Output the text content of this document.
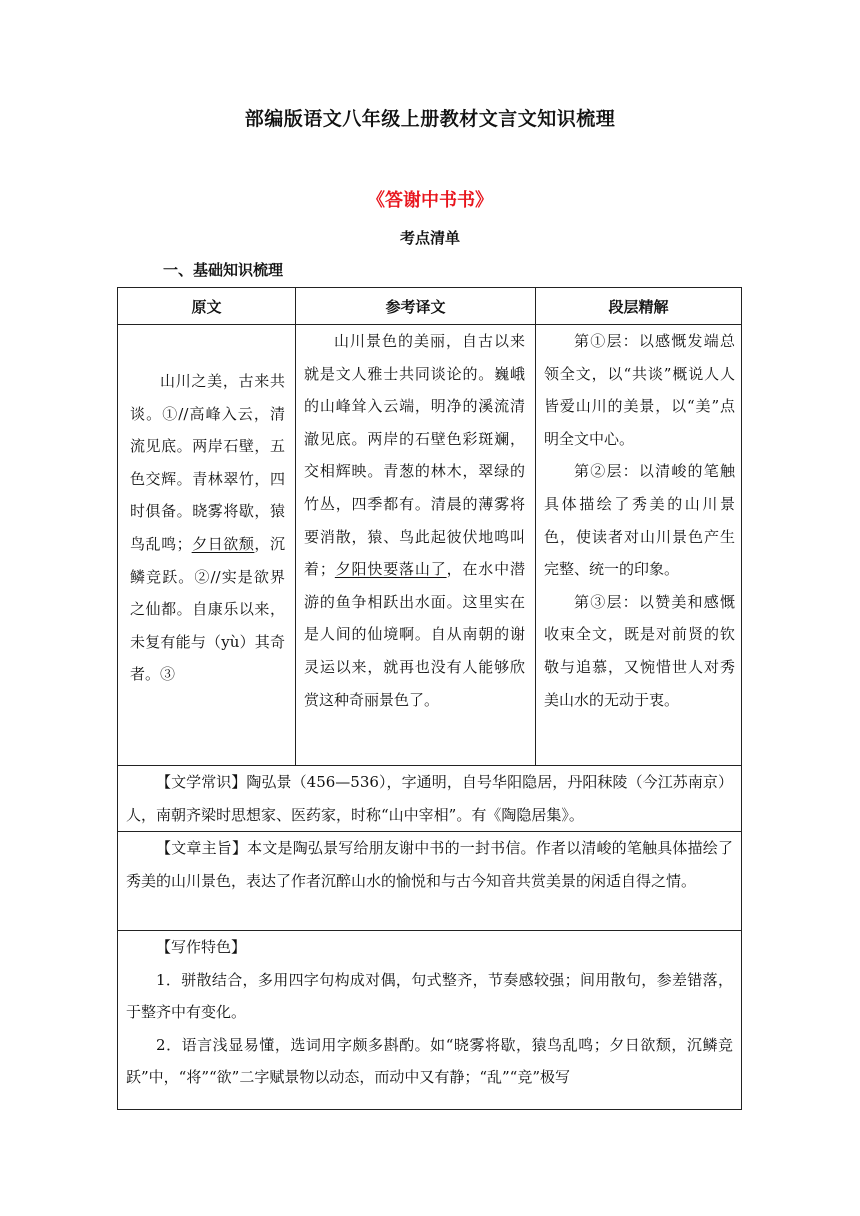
部编版语文八年级上册教材文言文知识梳理
《答谢中书书》
考点清单
一、基础知识梳理
原文	参考译文	段层精解

山川之美，古来共谈。①//高峰入云，清流见底。两岸石壁，五色交辉。青林翠竹，四时俱备。晓雾将歇，猿鸟乱鸣；夕日欲颓，沉鳞竞跃。②//实是欲界之仙都。自康乐以来，未复有能与（yù）其奇者。③

山川景色的美丽，自古以来就是文人雅士共同谈论的。巍峨的山峰耸入云端，明净的溪流清澈见底。两岸的石壁色彩斑斓，交相辉映。青葱的林木，翠绿的竹丛，四季都有。清晨的薄雾将要消散，猿、鸟此起彼伏地鸣叫着；夕阳快要落山了，在水中潜游的鱼争相跃出水面。这里实在是人间的仙境啊。自从南朝的谢灵运以来，就再也没有人能够欣赏这种奇丽景色了。

第①层：以感慨发端总领全文，以“共谈”概说人人皆爱山川的美景，以“美”点明全文中心。

第②层：以清峻的笔触具体描绘了秀美的山川景色，使读者对山川景色产生完整、统一的印象。

第③层：以赞美和感慨收束全文，既是对前贤的钦敬与追慕，又惋惜世人对秀美山水的无动于衷。

【文学常识】陶弘景（456—536），字通明，自号华阳隐居，丹阳秣陵（今江苏南京）人，南朝齐梁时思想家、医药家，时称“山中宰相”。有《陶隐居集》。

【文章主旨】本文是陶弘景写给朋友谢中书的一封书信。作者以清峻的笔触具体描绘了秀美的山川景色，表达了作者沉醉山水的愉悦和与古今知音共赏美景的闲适自得之情。

【写作特色】

1．骈散结合，多用四字句构成对偶，句式整齐，节奏感较强；间用散句，参差错落，于整齐中有变化。

2．语言浅显易懂，选词用字颇多斟酌。如“晓雾将歇，猿鸟乱鸣；夕日欲颓，沉鳞竞跃”中，“将”“欲”二字赋景物以动态，而动中又有静；“乱”“竞”极写
